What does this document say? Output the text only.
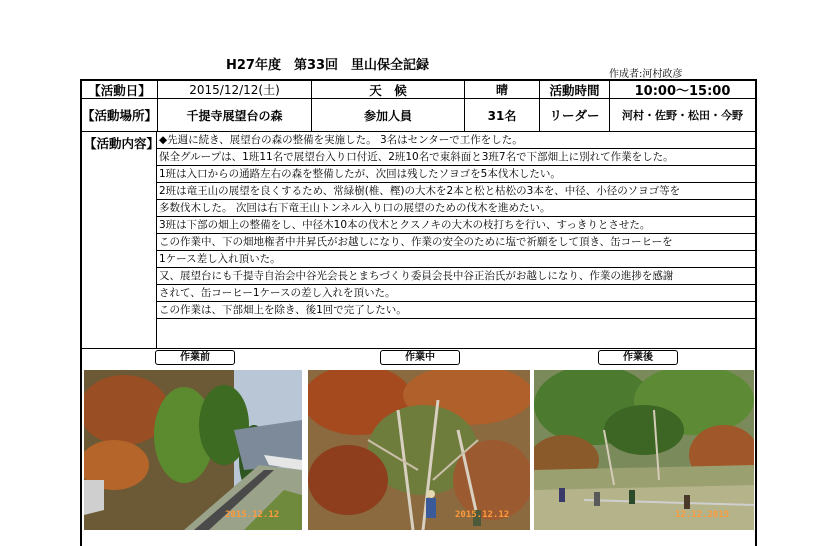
H27年度　第33回　里山保全記録
作成者:河村政彦
【活動日】	2015/12/12(土)	天　候	晴	活動時間	10:00〜15:00
【活動場所】	千提寺展望台の森	参加人員	31名	リーダー	河村・佐野・松田・今野
【活動内容】 ◆先週に続き、展望台の森の整備を実施した。 3名はセンターで工作をした。
保全グループは、1班11名で展望台入り口付近、2班10名で東斜面と3班7名で下部畑上に別れて作業をした。
1班は入口からの通路左右の森を整備したが、次回は残したソヨゴを5本伐木したい。
2班は竜王山の展望を良くするため、常緑樹(椎、樫)の大木を2本と松と枯松の3本を、中径、小径のソヨゴ等を
多数伐木した。 次回は右下竜王山トンネル入り口の展望のための伐木を進めたい。
3班は下部の畑上の整備をし、中径木10本の伐木とクスノキの大木の枝打ちを行い、すっきりとさせた。
この作業中、下の畑地権者中井昇氏がお越しになり、作業の安全のために塩で祈願をして頂き、缶コーヒーを
1ケース差し入れ頂いた。
又、展望台にも千提寺自治会中谷光会長とまちづくり委員会長中谷正治氏がお越しになり、作業の進捗を感謝
されて、缶コーヒー1ケースの差し入れを頂いた。
この作業は、下部畑上を除き、後1回で完了したい。
作業前	作業中	作業後
2015.12.12	2015.12.12	12.12.2015
